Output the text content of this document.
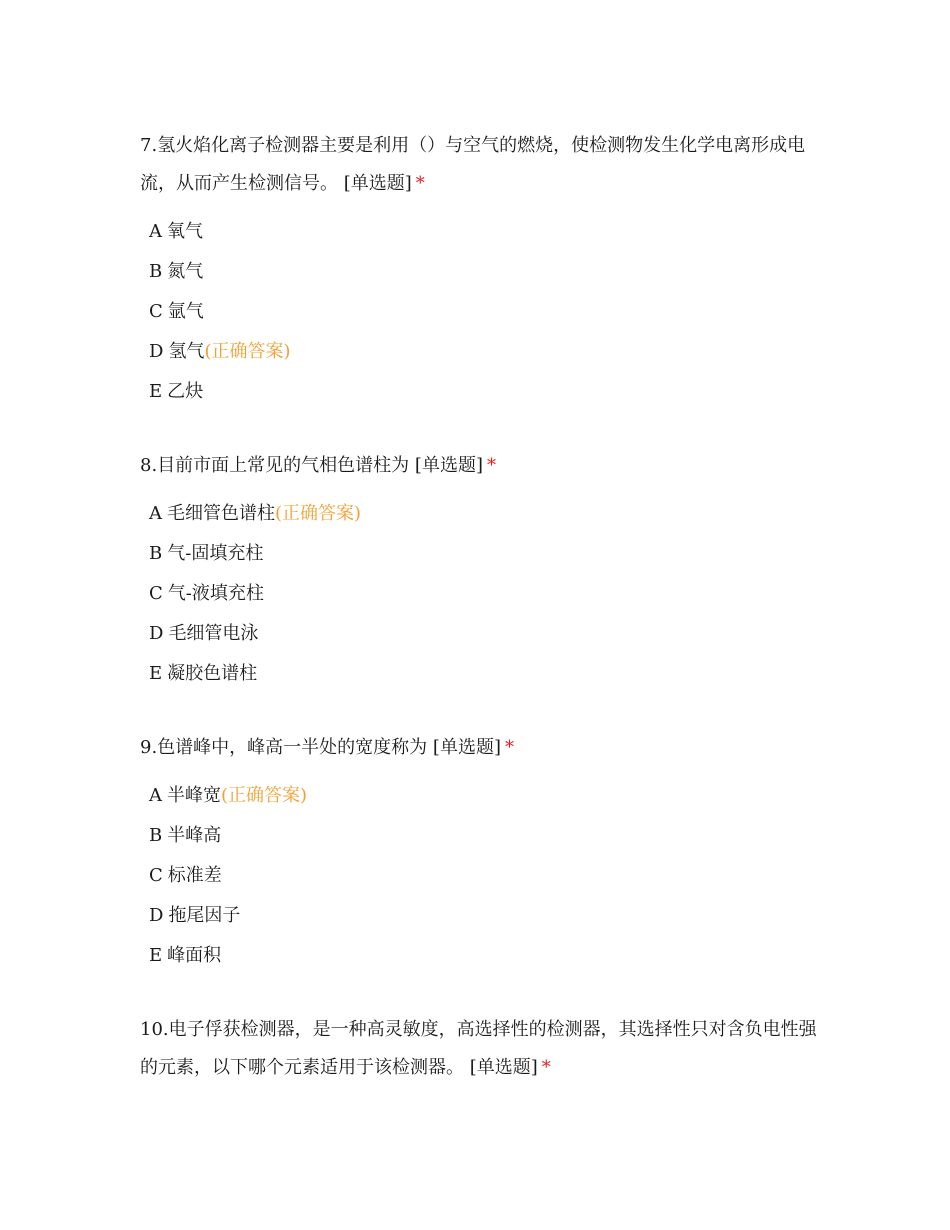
7.氢火焰化离子检测器主要是利用（）与空气的燃烧，使检测物发生化学电离形成电流，从而产生检测信号。 [单选题] *

A 氧气
B 氮气
C 氩气
D 氢气(正确答案)
E 乙炔

8.目前市面上常见的气相色谱柱为 [单选题] *

A 毛细管色谱柱(正确答案)
B 气-固填充柱
C 气-液填充柱
D 毛细管电泳
E 凝胶色谱柱

9.色谱峰中，峰高一半处的宽度称为 [单选题] *

A 半峰宽(正确答案)
B 半峰高
C 标准差
D 拖尾因子
E 峰面积

10.电子俘获检测器，是一种高灵敏度，高选择性的检测器，其选择性只对含负电性强的元素，以下哪个元素适用于该检测器。 [单选题] *
